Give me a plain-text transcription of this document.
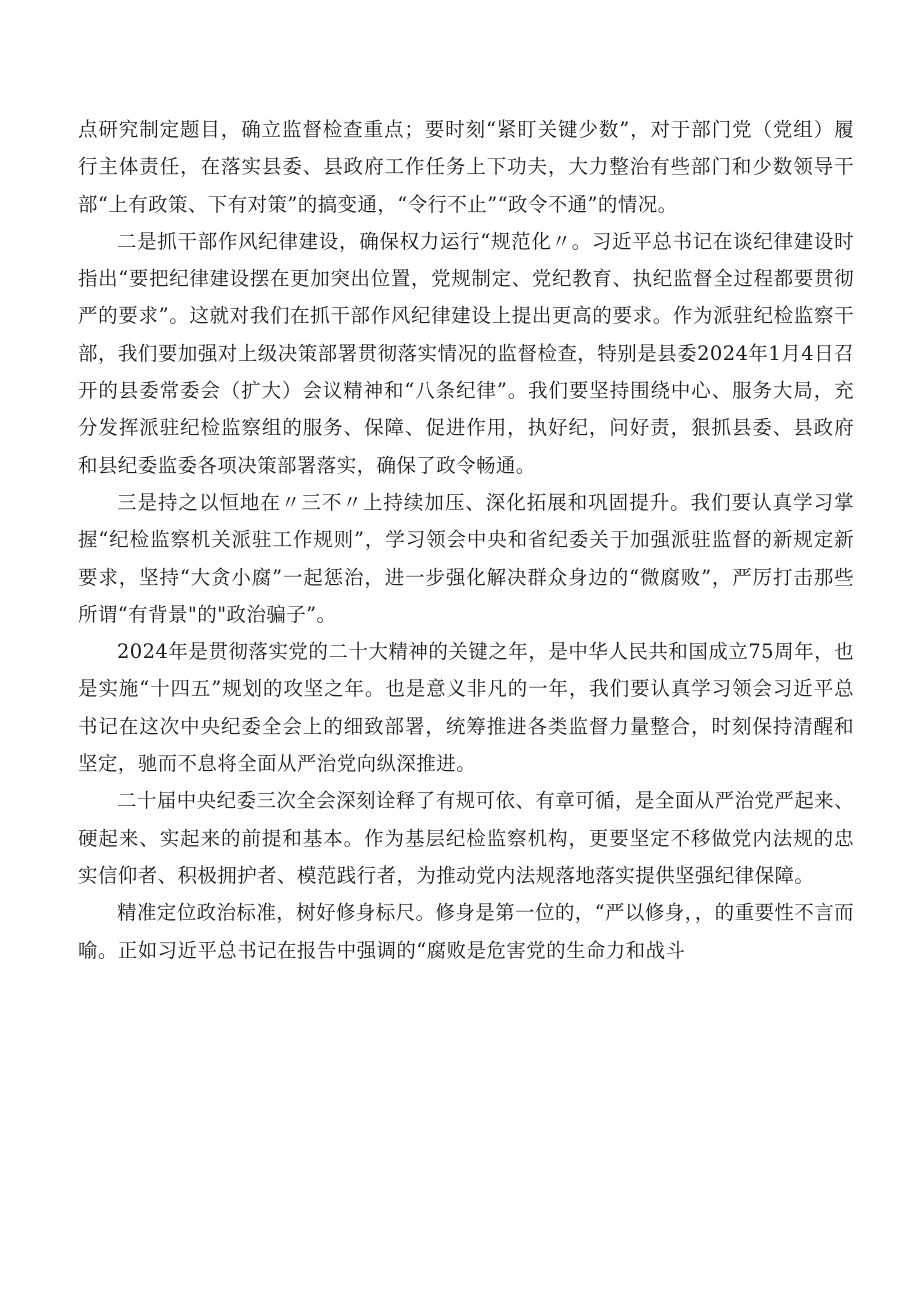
点研究制定题目，确立监督检查重点；要时刻“紧盯关键少数”，对于部门党（党组）履行主体责任，在落实县委、县政府工作任务上下功夫，大力整治有些部门和少数领导干部“上有政策、下有对策”的搞变通，“令行不止”“政令不通”的情况。

二是抓干部作风纪律建设，确保权力运行“规范化〃。习近平总书记在谈纪律建设时指出“要把纪律建设摆在更加突出位置，党规制定、党纪教育、执纪监督全过程都要贯彻严的要求”。这就对我们在抓干部作风纪律建设上提出更高的要求。作为派驻纪检监察干部，我们要加强对上级决策部署贯彻落实情况的监督检查，特别是县委2024年1月4日召开的县委常委会（扩大）会议精神和“八条纪律”。我们要坚持围绕中心、服务大局，充分发挥派驻纪检监察组的服务、保障、促进作用，执好纪，问好责，狠抓县委、县政府和县纪委监委各项决策部署落实，确保了政令畅通。

三是持之以恒地在〃三不〃上持续加压、深化拓展和巩固提升。我们要认真学习掌握“纪检监察机关派驻工作规则”，学习领会中央和省纪委关于加强派驻监督的新规定新要求，坚持“大贪小腐”一起惩治，进一步强化解决群众身边的“微腐败”，严厉打击那些所谓“有背景"的"政治骗子”。

2024年是贯彻落实党的二十大精神的关键之年，是中华人民共和国成立75周年，也是实施“十四五”规划的攻坚之年。也是意义非凡的一年，我们要认真学习领会习近平总书记在这次中央纪委全会上的细致部署，统筹推进各类监督力量整合，时刻保持清醒和坚定，驰而不息将全面从严治党向纵深推进。

二十届中央纪委三次全会深刻诠释了有规可依、有章可循，是全面从严治党严起来、硬起来、实起来的前提和基本。作为基层纪检监察机构，更要坚定不移做党内法规的忠实信仰者、积极拥护者、模范践行者，为推动党内法规落地落实提供坚强纪律保障。

精准定位政治标准，树好修身标尺。修身是第一位的，“严以修身，，的重要性不言而喻。正如习近平总书记在报告中强调的“腐败是危害党的生命力和战斗
